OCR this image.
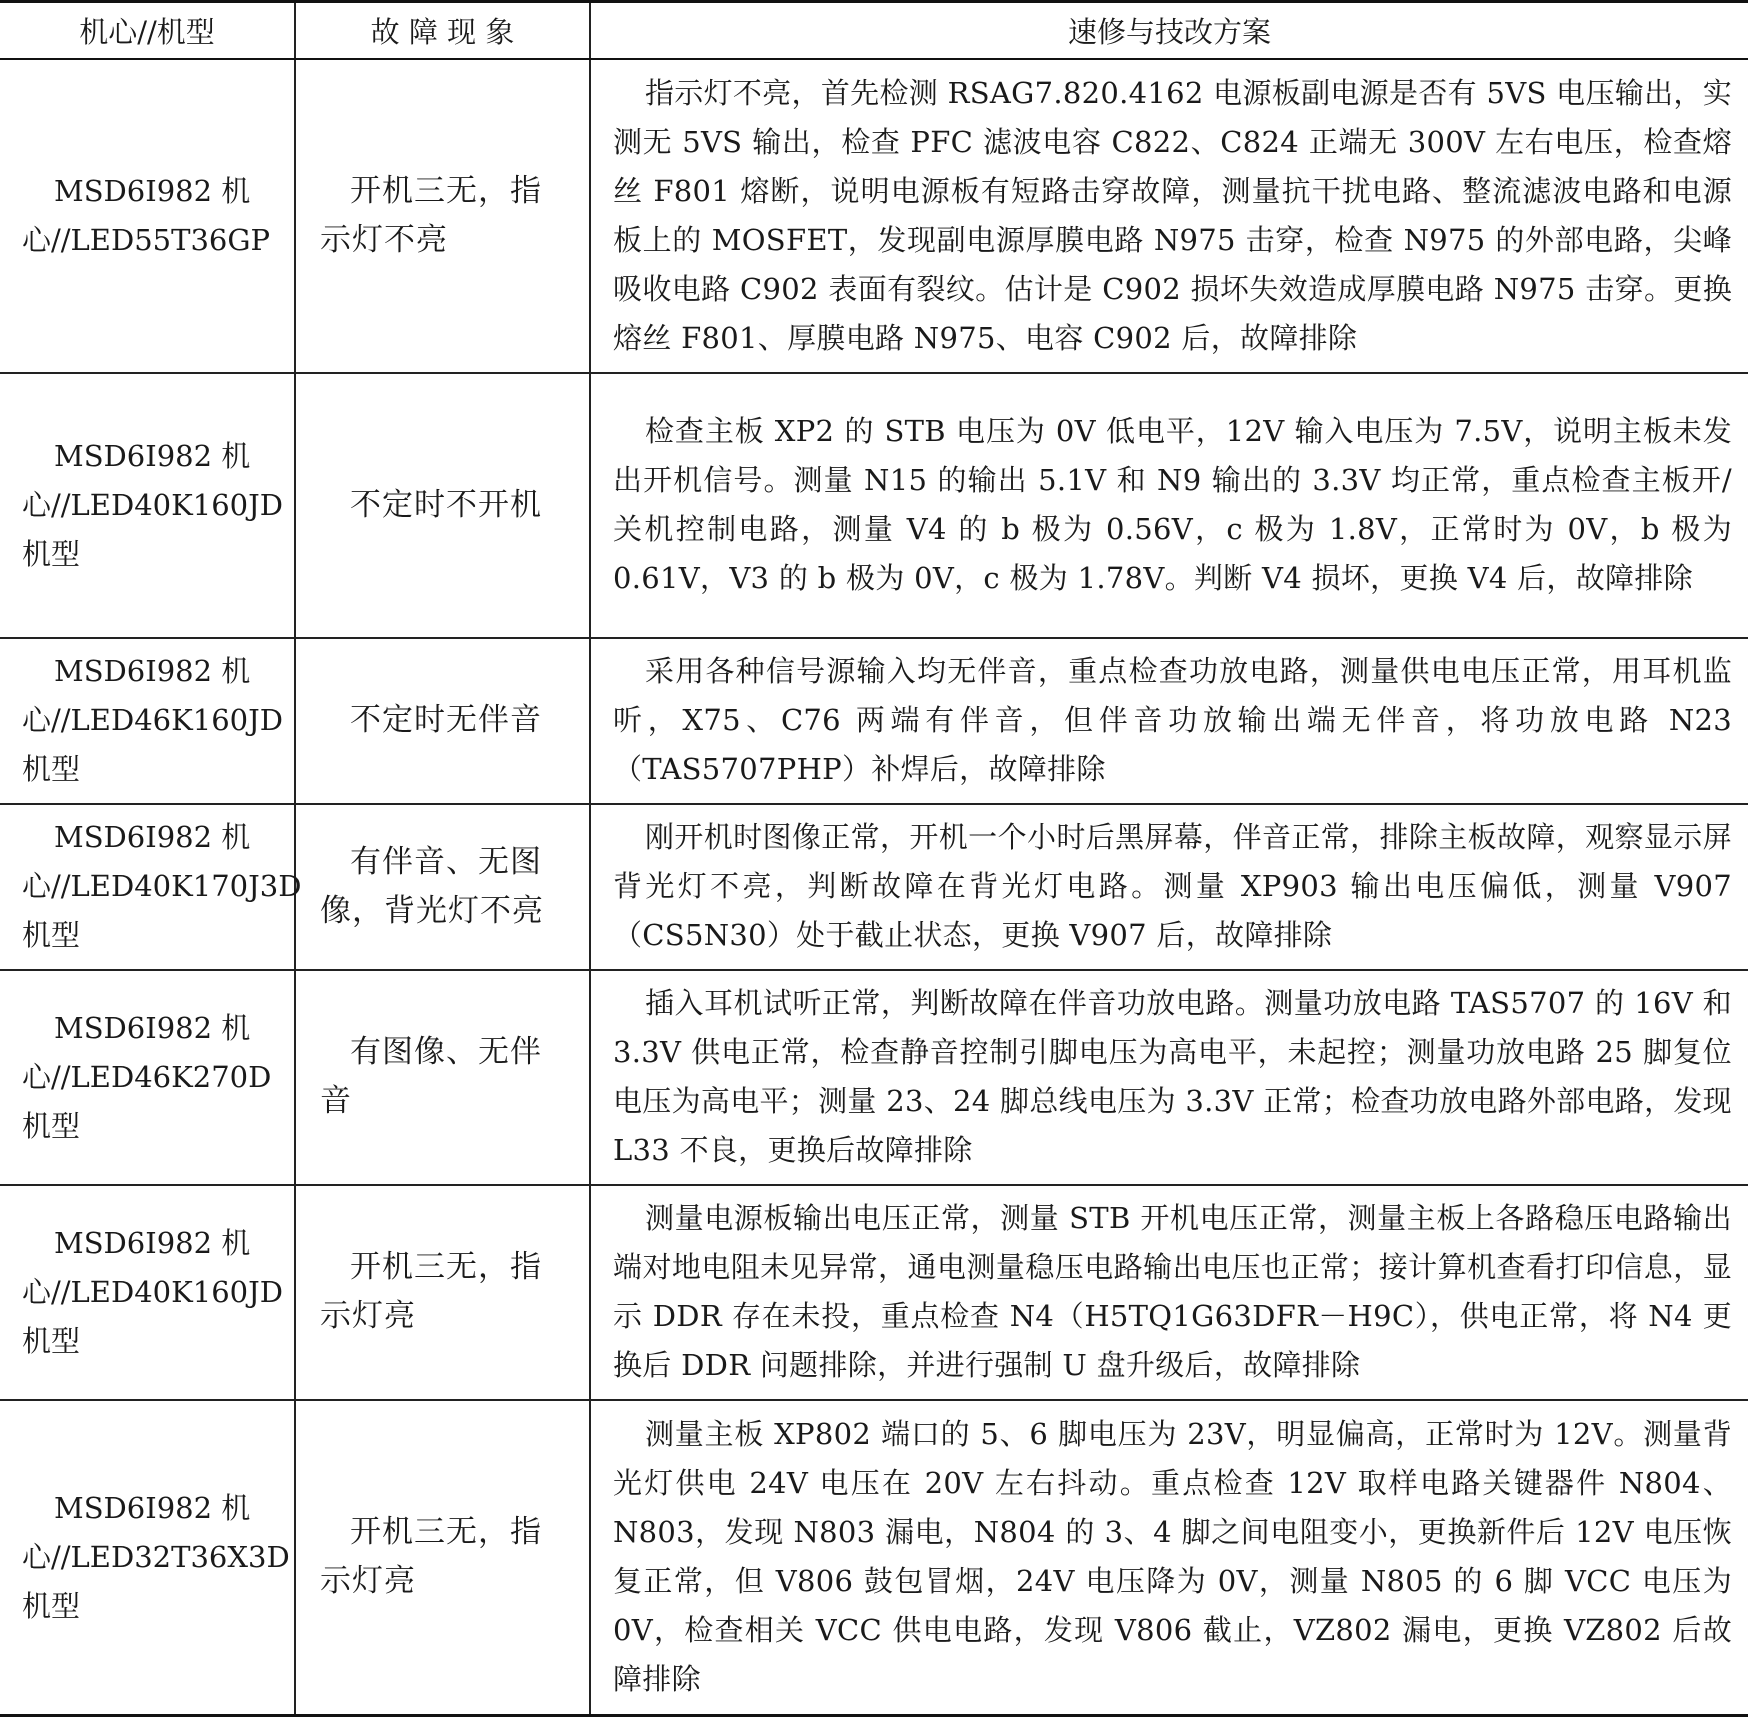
机心//机型	故 障 现 象	速修与技改方案
MSD6I982 机心//LED55T36GP	开机三无，指示灯不亮	指示灯不亮，首先检测 RSAG7.820.4162 电源板副电源是否有 5VS 电压输出，实测无 5VS 输出，检查 PFC 滤波电容 C822、C824 正端无 300V 左右电压，检查熔丝 F801 熔断，说明电源板有短路击穿故障，测量抗干扰电路、整流滤波电路和电源板上的 MOSFET，发现副电源厚膜电路 N975 击穿，检查 N975 的外部电路，尖峰吸收电路 C902 表面有裂纹。估计是 C902 损坏失效造成厚膜电路 N975 击穿。更换熔丝 F801、厚膜电路 N975、电容 C902 后，故障排除
MSD6I982 机心//LED40K160JD 机型	不定时不开机	检查主板 XP2 的 STB 电压为 0V 低电平，12V 输入电压为 7.5V，说明主板未发出开机信号。测量 N15 的输出 5.1V 和 N9 输出的 3.3V 均正常，重点检查主板开/关机控制电路，测量 V4 的 b 极为 0.56V，c 极为 1.8V，正常时为 0V，b 极为 0.61V，V3 的 b 极为 0V，c 极为 1.78V。判断 V4 损坏，更换 V4 后，故障排除
MSD6I982 机心//LED46K160JD 机型	不定时无伴音	采用各种信号源输入均无伴音，重点检查功放电路，测量供电电压正常，用耳机监听，X75、C76 两端有伴音，但伴音功放输出端无伴音，将功放电路 N23（TAS5707PHP）补焊后，故障排除
MSD6I982 机心//LED40K170J3D 机型	有伴音、无图像，背光灯不亮	刚开机时图像正常，开机一个小时后黑屏幕，伴音正常，排除主板故障，观察显示屏背光灯不亮，判断故障在背光灯电路。测量 XP903 输出电压偏低，测量 V907（CS5N30）处于截止状态，更换 V907 后，故障排除
MSD6I982 机心//LED46K270D 机型	有图像、无伴音	插入耳机试听正常，判断故障在伴音功放电路。测量功放电路 TAS5707 的 16V 和 3.3V 供电正常，检查静音控制引脚电压为高电平，未起控；测量功放电路 25 脚复位电压为高电平；测量 23、24 脚总线电压为 3.3V 正常；检查功放电路外部电路，发现 L33 不良，更换后故障排除
MSD6I982 机心//LED40K160JD 机型	开机三无，指示灯亮	测量电源板输出电压正常，测量 STB 开机电压正常，测量主板上各路稳压电路输出端对地电阻未见异常，通电测量稳压电路输出电压也正常；接计算机查看打印信息，显示 DDR 存在未投，重点检查 N4（H5TQ1G63DFR－H9C），供电正常，将 N4 更换后 DDR 问题排除，并进行强制 U 盘升级后，故障排除
MSD6I982 机心//LED32T36X3D 机型	开机三无，指示灯亮	测量主板 XP802 端口的 5、6 脚电压为 23V，明显偏高，正常时为 12V。测量背光灯供电 24V 电压在 20V 左右抖动。重点检查 12V 取样电路关键器件 N804、N803，发现 N803 漏电，N804 的 3、4 脚之间电阻变小，更换新件后 12V 电压恢复正常，但 V806 鼓包冒烟，24V 电压降为 0V，测量 N805 的 6 脚 VCC 电压为 0V，检查相关 VCC 供电电路，发现 V806 截止，VZ802 漏电，更换 VZ802 后故障排除
